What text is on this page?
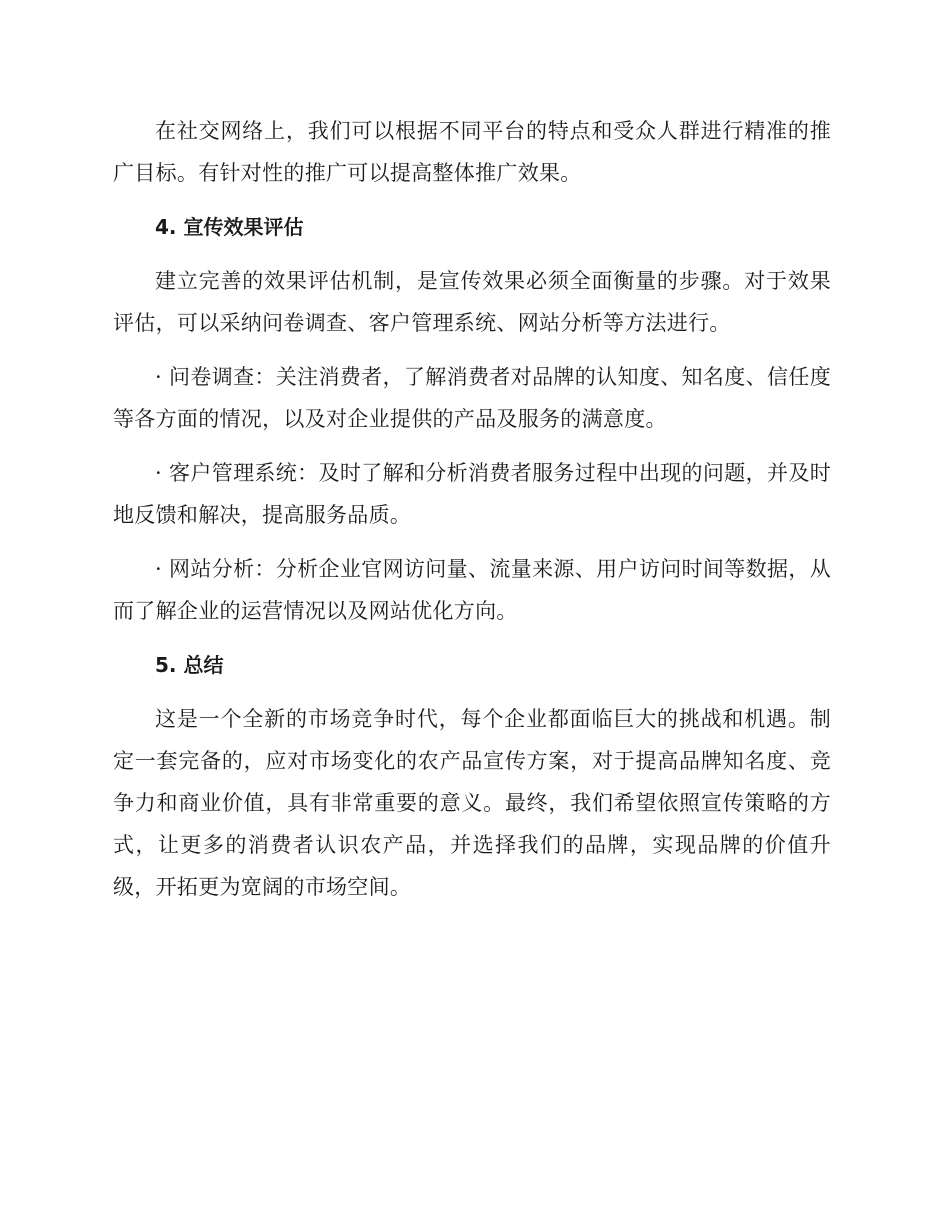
在社交网络上，我们可以根据不同平台的特点和受众人群进行精准的推广目标。有针对性的推广可以提高整体推广效果。

4. 宣传效果评估

建立完善的效果评估机制，是宣传效果必须全面衡量的步骤。对于效果评估，可以采纳问卷调查、客户管理系统、网站分析等方法进行。

· 问卷调查：关注消费者，了解消费者对品牌的认知度、知名度、信任度等各方面的情况，以及对企业提供的产品及服务的满意度。

· 客户管理系统：及时了解和分析消费者服务过程中出现的问题，并及时地反馈和解决，提高服务品质。

· 网站分析：分析企业官网访问量、流量来源、用户访问时间等数据，从而了解企业的运营情况以及网站优化方向。

5. 总结

这是一个全新的市场竞争时代，每个企业都面临巨大的挑战和机遇。制定一套完备的，应对市场变化的农产品宣传方案，对于提高品牌知名度、竞争力和商业价值，具有非常重要的意义。最终，我们希望依照宣传策略的方式，让更多的消费者认识农产品，并选择我们的品牌，实现品牌的价值升级，开拓更为宽阔的市场空间。
